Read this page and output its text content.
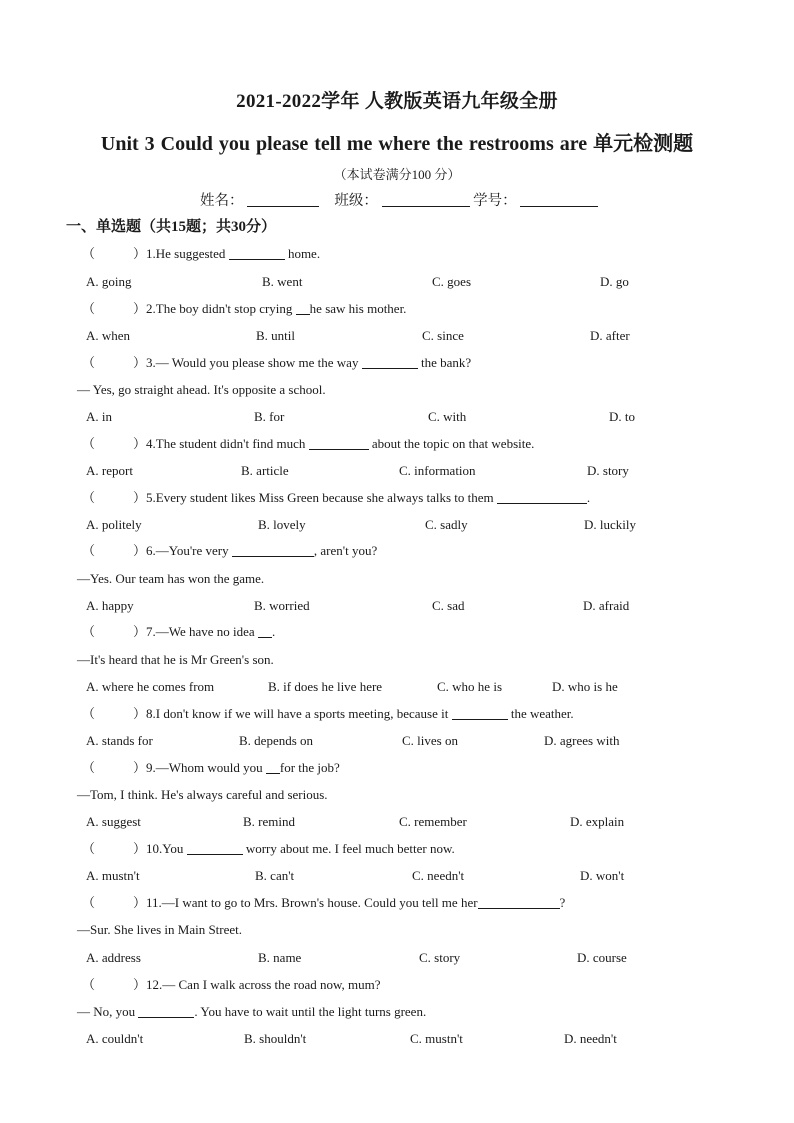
2021-2022学年 人教版英语九年级全册
Unit 3 Could you please tell me where the restrooms are 单元检测题
（本试卷满分100 分）
姓名：	班级：	学号：
一、单选题（共15题；共30分）
（	） 1.He suggested	home.
A. going	B. went	C. goes	D. go
（	） 2.The boy didn't stop crying he saw his mother.
A. when	B. until	C. since	D. after
（	） 3.— Would you please show me the way	the bank?
— Yes, go straight ahead. It's opposite a school.
A. in	B. for	C. with	D. to
（	） 4.The student didn't find much	about the topic on that website.
A. report	B. article	C. information	D. story
（	） 5.Every student likes Miss Green because she always talks to them	.
A. politely	B. lovely	C. sadly	D. luckily
（	） 6.—You're very	, aren't you?
—Yes. Our team has won the game.
A. happy	B. worried	C. sad	D. afraid
（	） 7.—We have no idea .
—It's heard that he is Mr Green's son.
A. where he comes from	B. if does he live here	C. who he is	D. who is he
（	） 8.I don't know if we will have a sports meeting, because it	the weather.
A. stands for	B. depends on	C. lives on	D. agrees with
（	） 9.—Whom would you for the job?
—Tom, I think. He's always careful and serious.
A. suggest	B. remind	C. remember	D. explain
（	） 10.You	worry about me. I feel much better now.
A. mustn't	B. can't	C. needn't	D. won't
（	） 11.—I want to go to Mrs. Brown's house. Could you tell me her	?
—Sur. She lives in Main Street.
A. address	B. name	C. story	D. course
（	） 12.— Can I walk across the road now, mum?
— No, you	. You have to wait until the light turns green.
A. couldn't	B. shouldn't	C. mustn't	D. needn't
